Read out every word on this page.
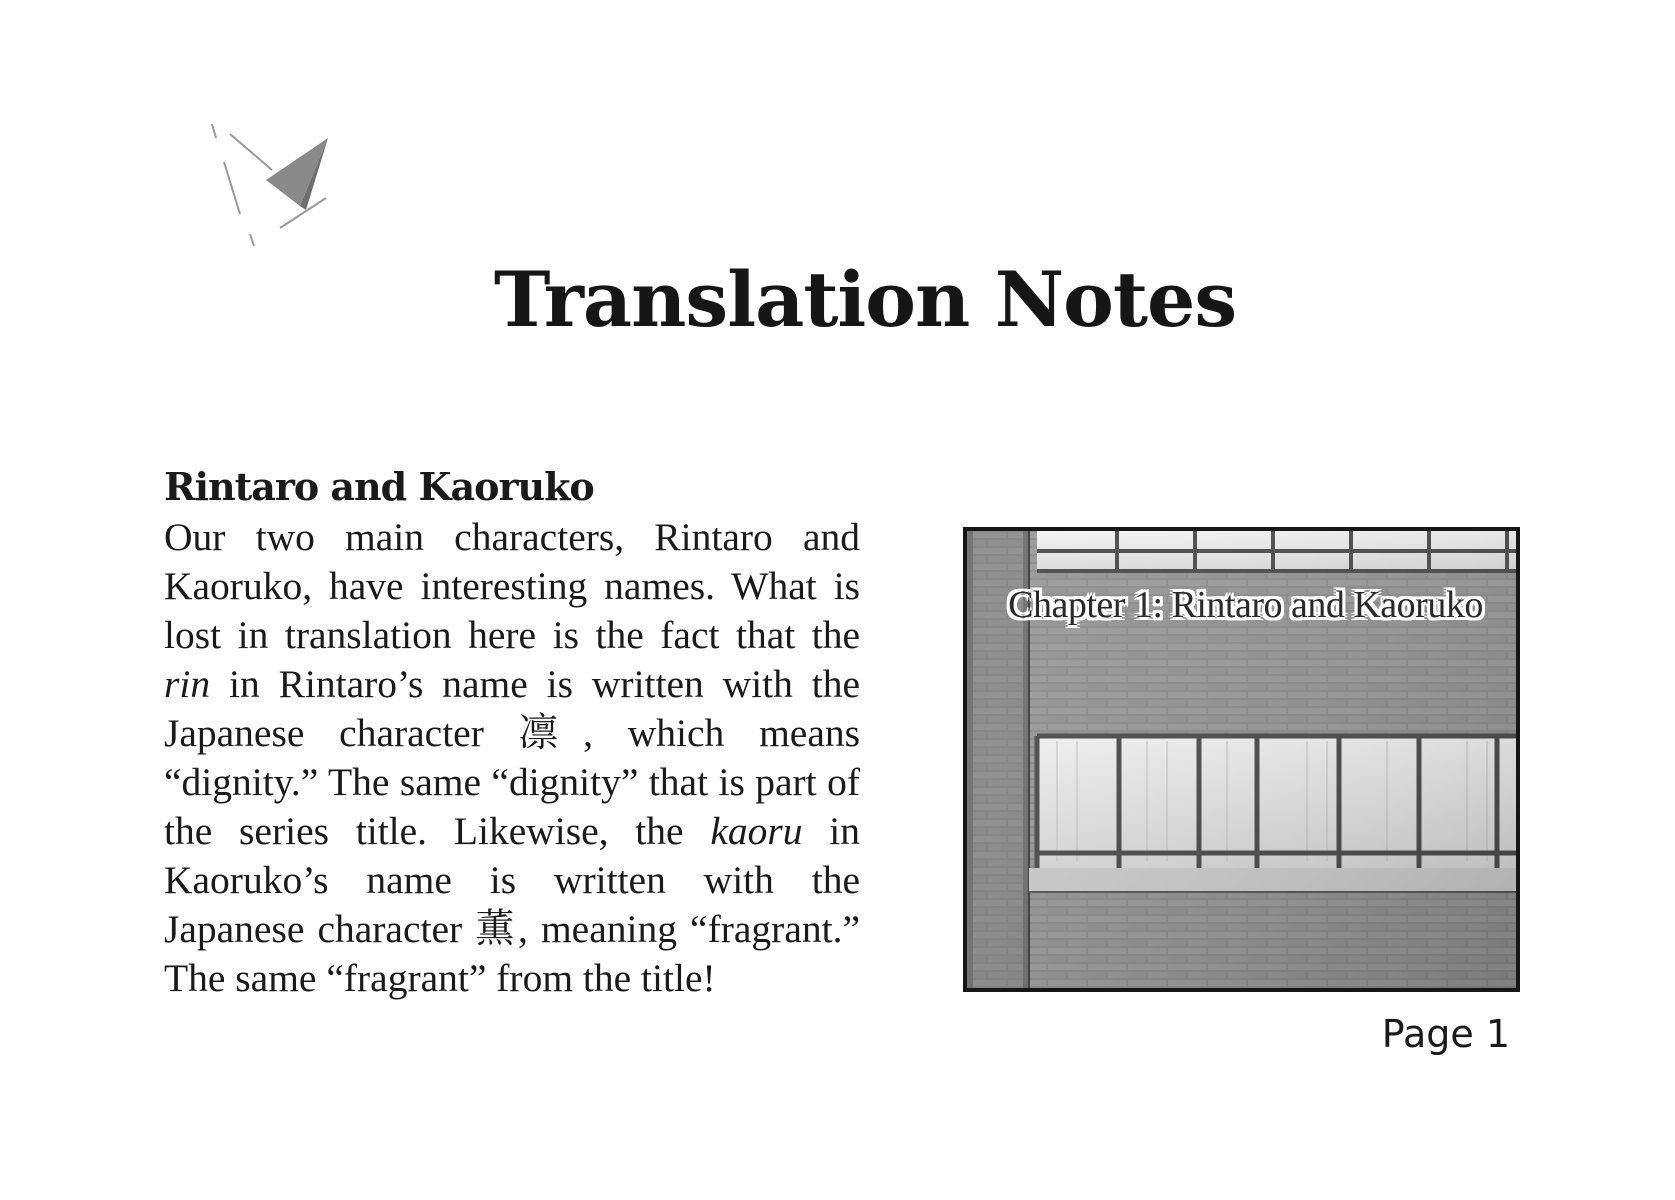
Translation Notes
Rintaro and Kaoruko

Our two main characters, Rintaro and Kaoruko, have interesting names. What is lost in translation here is the fact that the rin in Rintaro’s name is written with the Japanese character 凛, which means “dignity.” The same “dignity” that is part of the series title. Likewise, the kaoru in Kaoruko’s name is written with the Japanese character 薫, meaning “fragrant.” The same “fragrant” from the title!

Chapter 1: Rintaro and Kaoruko
Page 1
